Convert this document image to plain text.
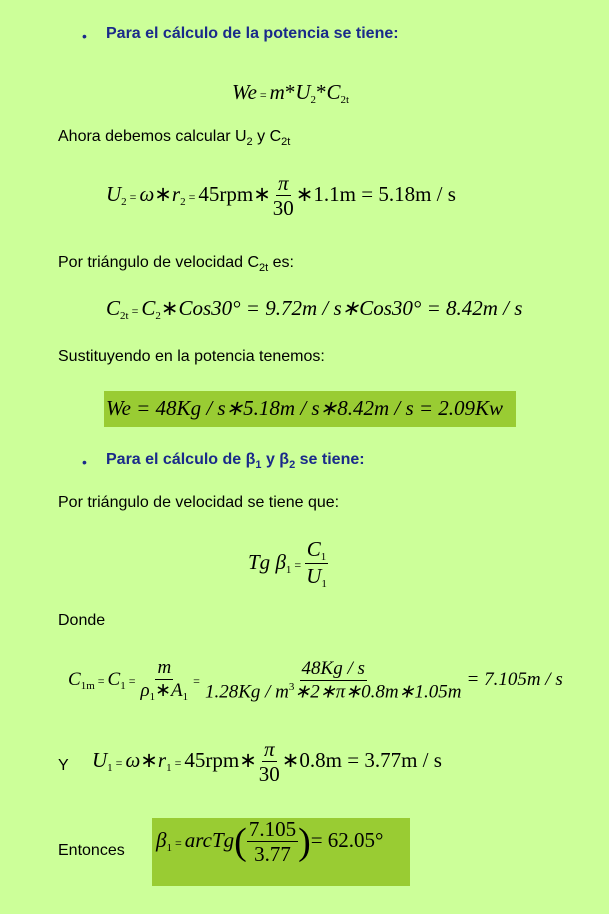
• Para el cálculo de la potencia se tiene:
$We = m*U_2*C_{2t}$
Ahora debemos calcular $U_2$ y $C_{2t}$
$U_2$ = $\omega∗r_2$ = 45rpm∗ $\frac{\pi}{30}$ ∗1.1m = 5.18m / s
Por triángulo de velocidad $C_{2t}$ es:
$C_{2t}$ = $C_2∗Cos30^\circ = 9.72m$ / s∗Cos30° = 8.42m / s
Sustituyendo en la potencia tenemos:
We = 48Kg / s∗5.18m / s∗8.42m / s = 2.09Kw
• Para el cálculo de $\beta_1$ y $\beta_2$ se tiene:
Por triángulo de velocidad se tiene que:
Tg $\beta_1 = \frac{C_1}{U_1}$
Donde
$C_{1m} = C_1 = \frac{m}{\rho_1∗A_1} = \frac{48Kg / s}{1.28Kg / m^3∗2∗\pi∗0.8m∗1.05m} = 7.105m / s$
Y $U_1$ = $\omega∗r_1$ = 45rpm∗ $\frac{\pi}{30}$ ∗0.8m = 3.77m / s
Entonces $\beta_1$ = arcTg( $\frac{7.105}{3.77}$ )= 62.05°
